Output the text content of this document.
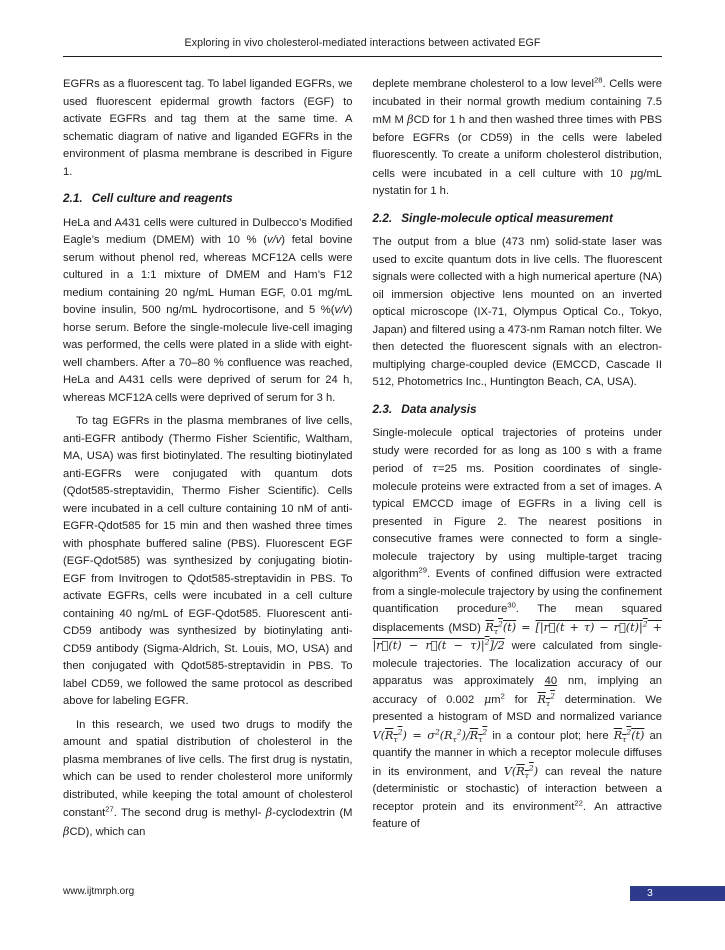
Exploring in vivo cholesterol-mediated interactions between activated EGF

EGFRs as a fluorescent tag. To label liganded EGFRs, we used fluorescent epidermal growth factors (EGF) to activate EGFRs and tag them at the same time. A schematic diagram of native and liganded EGFRs in the environment of plasma membrane is described in Figure 1.

2.1. Cell culture and reagents

HeLa and A431 cells were cultured in Dulbecco’s Modified Eagle’s medium (DMEM) with 10 % (v/v) fetal bovine serum without phenol red, whereas MCF12A cells were cultured in a 1:1 mixture of DMEM and Ham’s F12 medium containing 20 ng/mL Human EGF, 0.01 mg/mL bovine insulin, 500 ng/mL hydrocortisone, and 5 %(v/v) horse serum. Before the single-molecule live-cell imaging was performed, the cells were plated in a slide with eight-well chambers. After a 70–80 % confluence was reached, HeLa and A431 cells were deprived of serum for 24 h, whereas MCF12A cells were deprived of serum for 3 h.

To tag EGFRs in the plasma membranes of live cells, anti-EGFR antibody (Thermo Fisher Scientific, Waltham, MA, USA) was first biotinylated. The resulting biotinylated anti-EGFRs were conjugated with quantum dots (Qdot585-streptavidin, Thermo Fisher Scientific). Cells were incubated in a cell culture containing 10 nM of anti-EGFR-Qdot585 for 15 min and then washed three times with phosphate buffered saline (PBS). Fluorescent EGF (EGF-Qdot585) was synthesized by conjugating biotin-EGF from Invitrogen to Qdot585-streptavidin in PBS. To activate EGFRs, cells were incubated in a cell culture containing 40 ng/mL of EGF-Qdot585. Fluorescent anti-CD59 antibody was synthesized by biotinylating anti-CD59 antibody (Sigma-Aldrich, St. Louis, MO, USA) and then conjugated with Qdot585-streptavidin in PBS. To label CD59, we followed the same protocol as described above for labeling EGFR.

In this research, we used two drugs to modify the amount and spatial distribution of cholesterol in the plasma membranes of live cells. The first drug is nystatin, which can be used to render cholesterol more uniformly distributed, while keeping the total amount of cholesterol constant$^{27}$. The second drug is methyl- β-cyclodextrin (M βCD), which can

deplete membrane cholesterol to a low level$^{28}$. Cells were incubated in their normal growth medium containing 7.5 mM M βCD for 1 h and then washed three times with PBS before EGFRs (or CD59) in the cells were labeled fluorescently. To create a uniform cholesterol distribution, cells were incubated in a cell culture with 10 μg/mL nystatin for 1 h.

2.2. Single-molecule optical measurement

The output from a blue (473 nm) solid-state laser was used to excite quantum dots in live cells. The fluorescent signals were collected with a high numerical aperture (NA) oil immersion objective lens mounted on an inverted optical microscope (IX-71, Olympus Optical Co., Tokyo, Japan) and filtered using a 473-nm Raman notch filter. We then detected the fluorescent signals with an electron-multiplying charge-coupled device (EMCCD, Cascade II 512, Photometrics Inc., Huntington Beach, CA, USA).

2.3. Data analysis

Single-molecule optical trajectories of proteins under study were recorded for as long as 100 s with a frame period of τ=25 ms. Position coordinates of single-molecule proteins were extracted from a set of images. A typical EMCCD image of EGFRs in a living cell is presented in Figure 2. The nearest positions in consecutive frames were connected to form a single-molecule trajectory by using multiple-target tracing algorithm$^{29}$. Events of confined diffusion were extracted from a single-molecule trajectory by using the confinement quantification procedure$^{30}$. The mean squared displacements (MSD) $R_\tau^2(t)$ = [|r⃗(t + $\tau) - r⃗(t)|^2$ + |r⃗(t) − r⃗(t − $\tau)|^2]/2$ were calculated from single-molecule trajectories. The localization accuracy of our apparatus was approximately 40 nm, implying an accuracy of 0.002 $\mu m^2$ for $R_\tau^2$ determination. We presented a histogram of MSD and normalized variance $V(R_\tau^2) = \sigma^2(R_\tau^2)/R_\tau^2$ in a contour plot; here $R_\tau^2(t)$ an quantify the manner in which a receptor molecule diffuses in its environment, and $V(R_\tau^2)$ can reveal the nature (deterministic or stochastic) of interaction between a receptor protein and its environment$^{22}$. An attractive feature of

www.ijtmrph.org	3
